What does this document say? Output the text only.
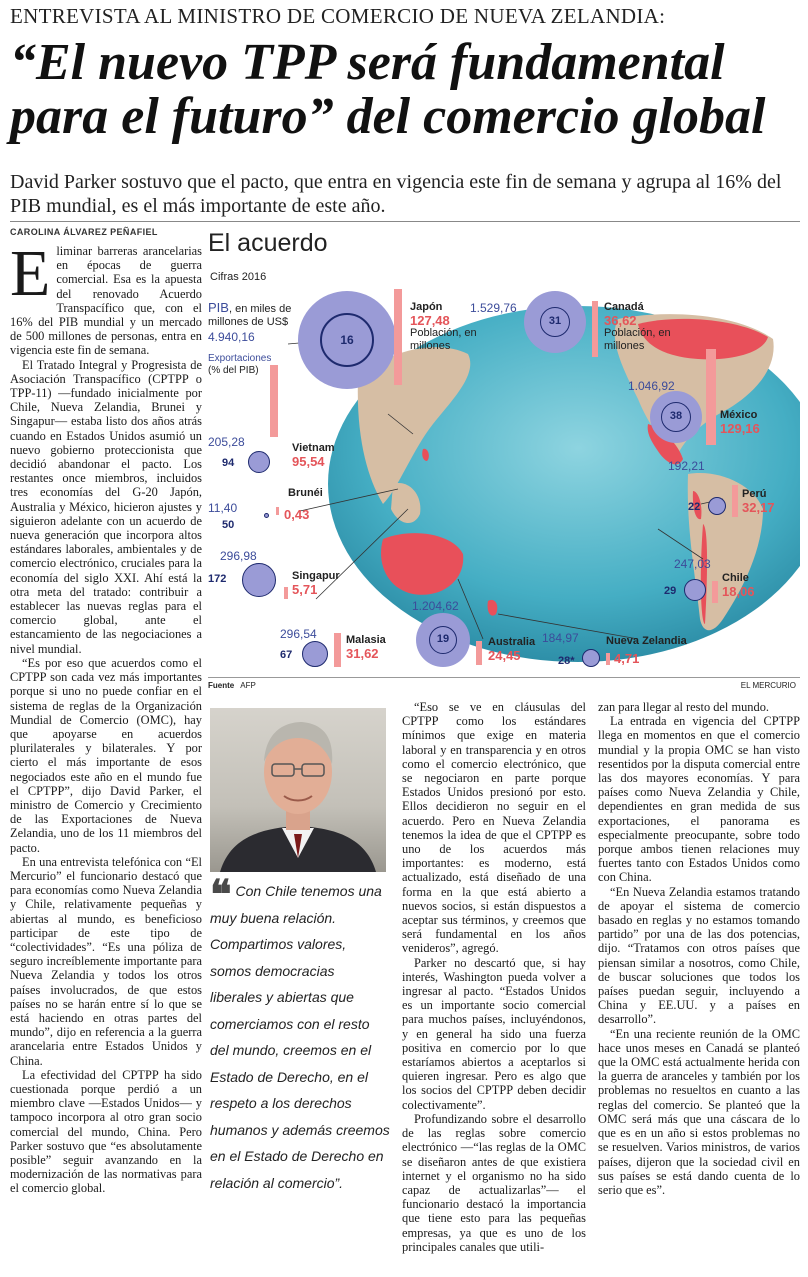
ENTREVISTA AL MINISTRO DE COMERCIO DE NUEVA ZELANDIA:
“El nuevo TPP será fundamental para el futuro” del comercio global
David Parker sostuvo que el pacto, que entra en vigencia este fin de semana y agrupa al 16% del PIB mundial, es el más importante de este año.
CAROLINA ÁLVAREZ PEÑAFIEL

Eliminar barreras arancelarias en épocas de guerra comercial. Esa es la apuesta del renovado Acuerdo Transpacífico que, con el 16% del PIB mundial y un mercado de 500 millones de personas, entra en vigencia este fin de semana.

El Tratado Integral y Progresista de Asociación Transpacífico (CPTPP o TPP-11) —fundado inicialmente por Chile, Nueva Zelandia, Brunei y Singapur— estaba listo dos años atrás cuando en Estados Unidos asumió un nuevo gobierno proteccionista que decidió abandonar el pacto. Los restantes once miembros, incluidos tres economías del G-20 Japón, Australia y México, hicieron ajustes y siguieron adelante con un acuerdo de nueva generación que incorpora altos estándares laborales, ambientales y de comercio electrónico, cruciales para la economía del siglo XXI. Ahí está la otra meta del tratado: contribuir a establecer las nuevas reglas para el comercio global, ante el estancamiento de las negociaciones a nivel mundial.

“Es por eso que acuerdos como el CPTPP son cada vez más importantes porque si uno no puede confiar en el sistema de reglas de la Organización Mundial de Comercio (OMC), hay que apoyarse en acuerdos plurilaterales y bilaterales. Y por cierto el más importante de esos negociados este año en el mundo fue el CPTPP”, dijo David Parker, el ministro de Comercio y Crecimiento de las Exportaciones de Nueva Zelandia, uno de los 11 miembros del pacto.

En una entrevista telefónica con “El Mercurio” el funcionario destacó que para economías como Nueva Zelandia y Chile, relativamente pequeñas y abiertas al mundo, es beneficioso participar de este tipo de “colectividades”. “Es una póliza de seguro increíblemente importante para Nueva Zelandia y todos los otros países involucrados, de que estos países no se harán entre sí lo que se está haciendo en otras partes del mundo”, dijo en referencia a la guerra arancelaria entre Estados Unidos y China.

La efectividad del CPTPP ha sido cuestionada porque perdió a un miembro clave —Estados Unidos— y tampoco incorpora al otro gran socio comercial del mundo, China. Pero Parker sostuvo que “es absolutamente posible” seguir avanzando en la modernización de las normativas para el comercio global.

El acuerdo
Cifras 2016
PIB, en miles de millones de US$
4.940,16
Exportaciones
(% del PIB)
16
Japón
127,48
Población, en millones
1.529,76
31
Canadá
36,62
Población, en millones
1.046,92
38	México
129,16
205,28
94
Vietnam
95,54	192,21
22
Perú
32,17
Brunéi
11,40
50
0,43
296,98
172	Singapur
5,71
247,03
29
Chile
18,06
1.204,62
19	Australia
24,45
296,54
67
Malasia
31,62
184,97 Nueva Zelandia
28*	4,71
Fuente AFP	EL MERCURIO
❝ Con Chile tenemos una muy buena relación. Compartimos valores, somos democracias liberales y abiertas que comerciamos con el resto del mundo, creemos en el Estado de Derecho, en el respeto a los derechos humanos y además creemos en el Estado de Derecho en relación al comercio”.

“Eso se ve en cláusulas del CPTPP como los estándares mínimos que exige en materia laboral y en transparencia y en otros como el comercio electrónico, que se negociaron en parte porque Estados Unidos presionó por esto. Ellos decidieron no seguir en el acuerdo. Pero en Nueva Zelandia tenemos la idea de que el CPTPP es uno de los acuerdos más importantes: es moderno, está actualizado, está diseñado de una forma en la que está abierto a nuevos socios, si están dispuestos a aceptar sus términos, y creemos que será fundamental en los años venideros”, agregó.

Parker no descartó que, si hay interés, Washington pueda volver a ingresar al pacto. “Estados Unidos es un importante socio comercial para muchos países, incluyéndonos, y en general ha sido una fuerza positiva en comercio por lo que estaríamos abiertos a aceptarlos si quieren ingresar. Pero es algo que los socios del CPTPP deben decidir colectivamente”.

Profundizando sobre el desarrollo de las reglas sobre comercio electrónico —“las reglas de la OMC se diseñaron antes de que existiera internet y el organismo no ha sido capaz de actualizarlas”— el funcionario destacó la importancia que tiene esto para las pequeñas empresas, ya que es uno de los principales canales que utili-

zan para llegar al resto del mundo.

La entrada en vigencia del CPTPP llega en momentos en que el comercio mundial y la propia OMC se han visto resentidos por la disputa comercial entre las dos mayores economías. Y para países como Nueva Zelandia y Chile, dependientes en gran medida de sus exportaciones, el panorama es especialmente preocupante, sobre todo porque ambos tienen relaciones muy fuertes tanto con Estados Unidos como con China.

“En Nueva Zelandia estamos tratando de apoyar el sistema de comercio basado en reglas y no estamos tomando partido” por una de las dos potencias, dijo. “Tratamos con otros países que piensan similar a nosotros, como Chile, de buscar soluciones que todos los países puedan seguir, incluyendo a China y EE.UU. y a países en desarrollo”.

“En una reciente reunión de la OMC hace unos meses en Canadá se planteó que la OMC está actualmente herida con la guerra de aranceles y también por los problemas no resueltos en cuanto a las reglas del comercio. Se planteó que la OMC será más que una cáscara de lo que es en un año si estos problemas no se resuelven. Varios ministros, de varios países, dijeron que la sociedad civil en sus países se está dando cuenta de lo serio que es”.
